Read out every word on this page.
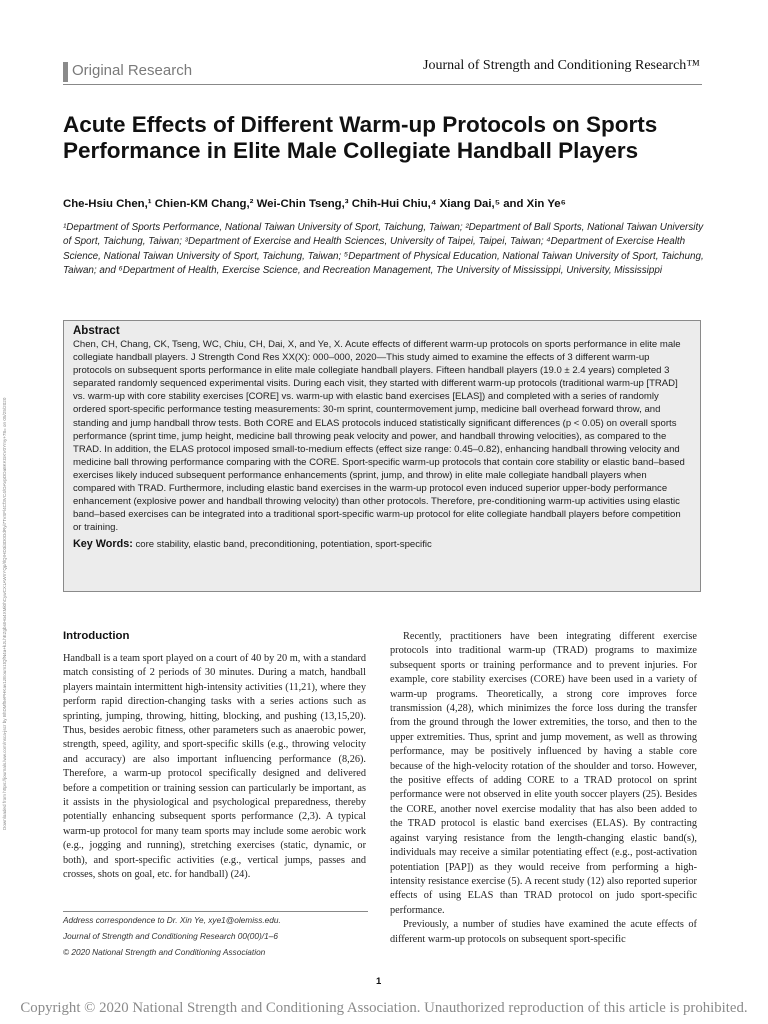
Original Research	Journal of Strength and Conditioning Research™
Acute Effects of Different Warm-up Protocols on Sports Performance in Elite Male Collegiate Handball Players
Che-Hsiu Chen,¹ Chien-KM Chang,² Wei-Chin Tseng,³ Chih-Hui Chiu,⁴ Xiang Dai,⁵ and Xin Ye⁶
¹Department of Sports Performance, National Taiwan University of Sport, Taichung, Taiwan; ²Department of Ball Sports, National Taiwan University of Sport, Taichung, Taiwan; ³Department of Exercise and Health Sciences, University of Taipei, Taipei, Taiwan; ⁴Department of Exercise Health Science, National Taiwan University of Sport, Taichung, Taiwan; ⁵Department of Physical Education, National Taiwan University of Sport, Taichung, Taiwan; and ⁶Department of Health, Exercise Science, and Recreation Management, The University of Mississippi, University, Mississippi
Downloaded from https://journals.lww.com/nsca-jscr by BhDMf5ePHKav1zEoum1tQfN4a+kJLhEZgbsIHo4XMi0hCywCX1AWnYQp/IlQrHD3i3D0OdRyi7TvSFl4Cf3VC4/OAVpDDa8KKGKV0Ymy+78= on 05/25/2020
Abstract

Chen, CH, Chang, CK, Tseng, WC, Chiu, CH, Dai, X, and Ye, X. Acute effects of different warm-up protocols on sports performance in elite male collegiate handball players. J Strength Cond Res XX(X): 000–000, 2020—This study aimed to examine the effects of 3 different warm-up protocols on subsequent sports performance in elite male collegiate handball players. Fifteen handball players (19.0 ± 2.4 years) completed 3 separated randomly sequenced experimental visits. During each visit, they started with different warm-up protocols (traditional warm-up [TRAD] vs. warm-up with core stability exercises [CORE] vs. warm-up with elastic band exercises [ELAS]) and completed with a series of randomly ordered sport-specific performance testing measurements: 30-m sprint, countermovement jump, medicine ball overhead forward throw, and standing and jump handball throw tests. Both CORE and ELAS protocols induced statistically significant differences (p < 0.05) on overall sports performance (sprint time, jump height, medicine ball throwing peak velocity and power, and handball throwing velocities), as compared to the TRAD. In addition, the ELAS protocol imposed small-to-medium effects (effect size range: 0.45–0.82), enhancing handball throwing velocity and medicine ball throwing performance comparing with the CORE. Sport-specific warm-up protocols that contain core stability or elastic band–based exercises likely induced subsequent performance enhancements (sprint, jump, and throw) in elite male collegiate handball players when compared with TRAD. Furthermore, including elastic band exercises in the warm-up protocol even induced superior upper-body performance enhancement (explosive power and handball throwing velocity) than other protocols. Therefore, pre-conditioning warm-up activities using elastic band–based exercises can be integrated into a traditional sport-specific warm-up protocol for elite collegiate handball players before competition or training.

Key Words: core stability, elastic band, preconditioning, potentiation, sport-specific

Introduction

Handball is a team sport played on a court of 40 by 20 m, with a standard match consisting of 2 periods of 30 minutes. During a match, handball players maintain intermittent high-intensity activities (11,21), where they perform rapid direction-changing tasks with a series actions such as sprinting, jumping, throwing, hitting, blocking, and pushing (13,15,20). Thus, besides aerobic fitness, other parameters such as anaerobic power, strength, speed, agility, and sport-specific skills (e.g., throwing velocity and accuracy) are also important influencing performance (8,26). Therefore, a warm-up protocol specifically designed and delivered before a competition or training session can particularly be important, as it assists in the physiological and psychological preparedness, thereby potentially enhancing subsequent sports performance (2,3). A typical warm-up protocol for many team sports may include some aerobic work (e.g., jogging and running), stretching exercises (static, dynamic, or both), and sport-specific activities (e.g., vertical jumps, passes and crosses, shots on goal, etc. for handball) (24).

Recently, practitioners have been integrating different exercise protocols into traditional warm-up (TRAD) programs to maximize subsequent sports or training performance and to prevent injuries. For example, core stability exercises (CORE) have been used in a variety of warm-up programs. Theoretically, a strong core improves force transmission (4,28), which minimizes the force loss during the transfer from the ground through the lower extremities, the torso, and then to the upper extremities. Thus, sprint and jump movement, as well as throwing performance, may be positively influenced by having a stable core because of the high-velocity rotation of the shoulder and torso. However, the positive effects of adding CORE to a TRAD protocol on sprint performance were not observed in elite youth soccer players (25). Besides the CORE, another novel exercise modality that has also been added to the TRAD protocol is elastic band exercises (ELAS). By contracting against varying resistance from the length-changing elastic band(s), individuals may receive a similar potentiating effect (e.g., post-activation potentiation [PAP]) as they would receive from performing a high-intensity resistance exercise (5). A recent study (12) also reported superior effects of using ELAS than TRAD protocol on judo sport-specific performance.

Previously, a number of studies have examined the acute effects of different warm-up protocols on subsequent sport-specific

Address correspondence to Dr. Xin Ye, xye1@olemiss.edu.
Journal of Strength and Conditioning Research 00(00)/1–6
© 2020 National Strength and Conditioning Association
1
Copyright © 2020 National Strength and Conditioning Association. Unauthorized reproduction of this article is prohibited.
